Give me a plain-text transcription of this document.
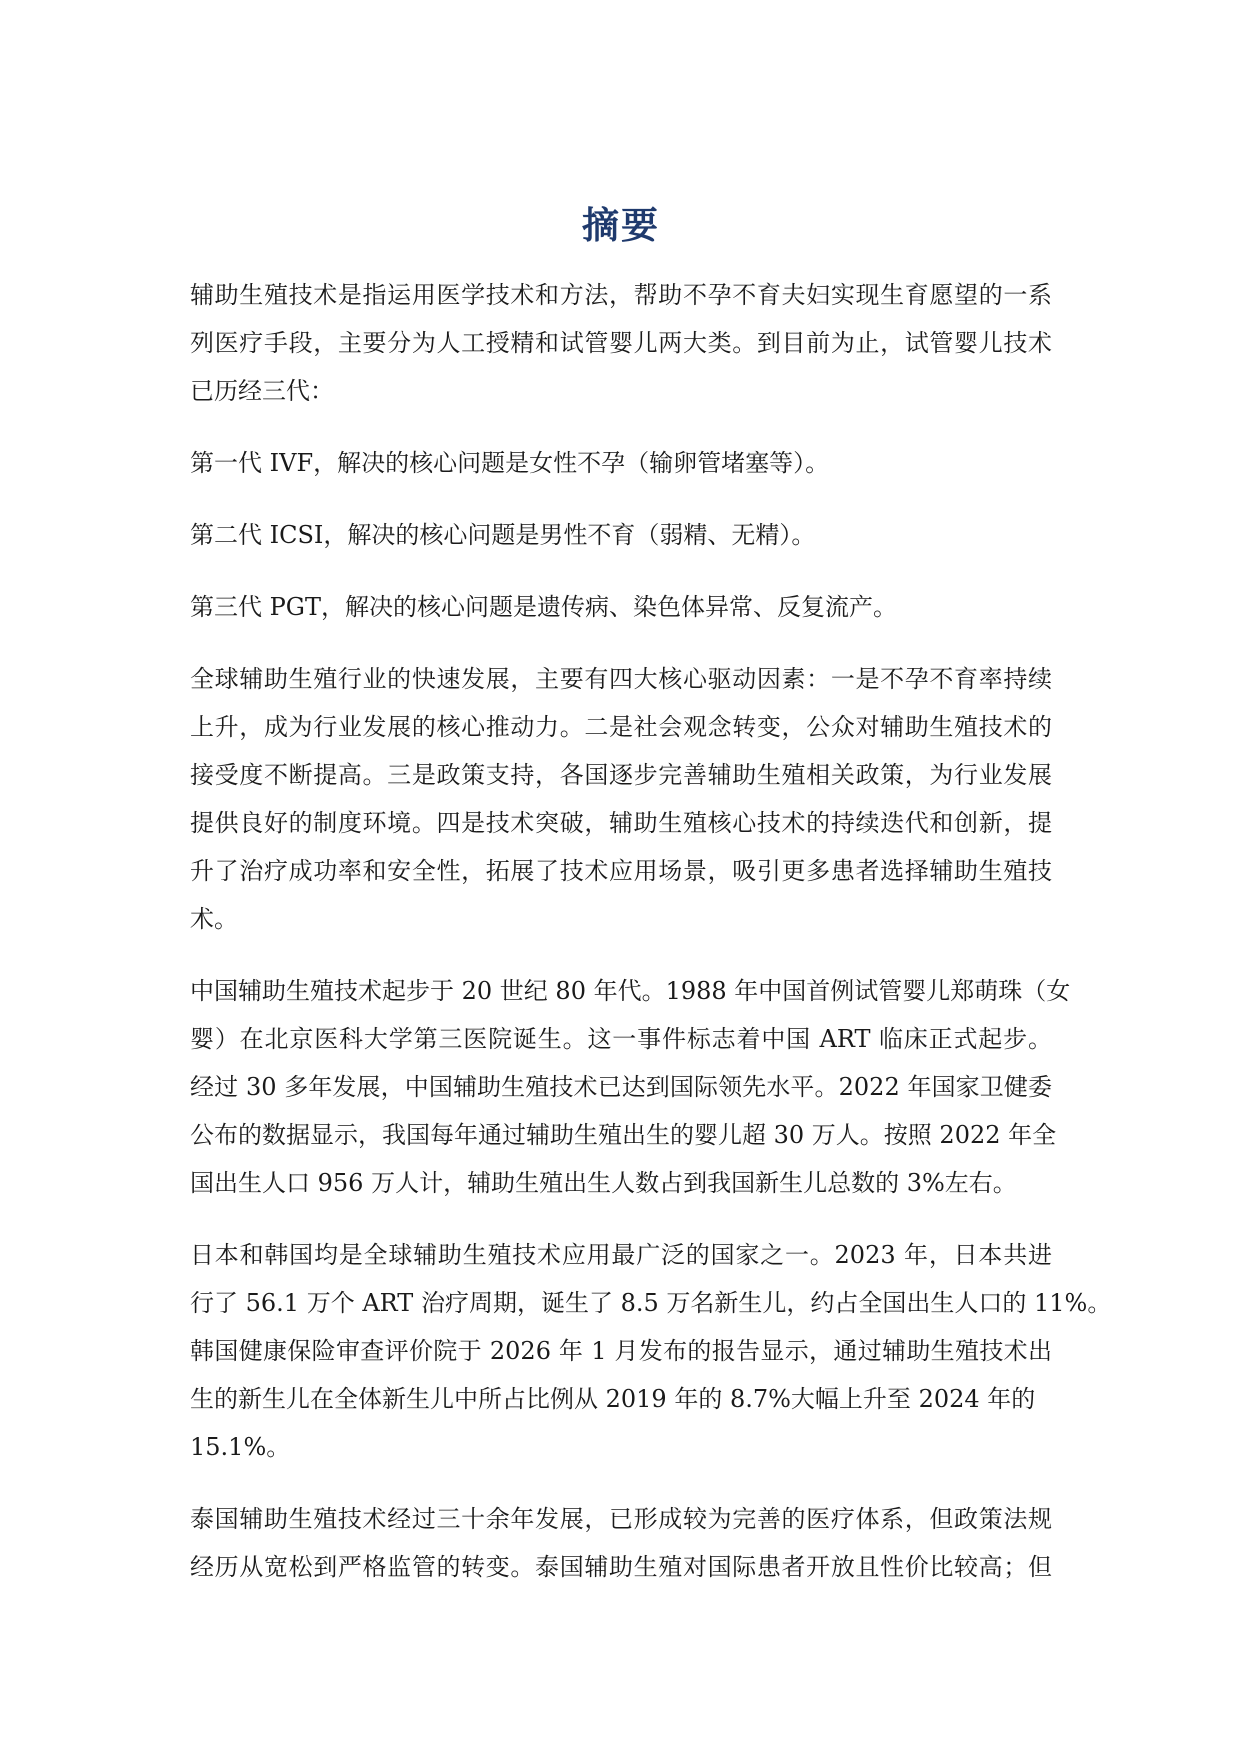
摘要
辅助生殖技术是指运用医学技术和方法，帮助不孕不育夫妇实现生育愿望的一系
列医疗手段，主要分为人工授精和试管婴儿两大类。到目前为止，试管婴儿技术
已历经三代：
第一代 IVF，解决的核心问题是女性不孕（输卵管堵塞等）。
第二代 ICSI，解决的核心问题是男性不育（弱精、无精）。
第三代 PGT，解决的核心问题是遗传病、染色体异常、反复流产。
全球辅助生殖行业的快速发展，主要有四大核心驱动因素：一是不孕不育率持续
上升，成为行业发展的核心推动力。二是社会观念转变，公众对辅助生殖技术的
接受度不断提高。三是政策支持，各国逐步完善辅助生殖相关政策，为行业发展
提供良好的制度环境。四是技术突破，辅助生殖核心技术的持续迭代和创新，提
升了治疗成功率和安全性，拓展了技术应用场景，吸引更多患者选择辅助生殖技
术。
中国辅助生殖技术起步于 20 世纪 80 年代。1988 年中国首例试管婴儿郑萌珠（女
婴）在北京医科大学第三医院诞生。这一事件标志着中国 ART 临床正式起步。
经过 30 多年发展，中国辅助生殖技术已达到国际领先水平。2022 年国家卫健委
公布的数据显示，我国每年通过辅助生殖出生的婴儿超 30 万人。按照 2022 年全
国出生人口 956 万人计，辅助生殖出生人数占到我国新生儿总数的 3%左右。
日本和韩国均是全球辅助生殖技术应用最广泛的国家之一。2023 年，日本共进
行了 56.1 万个 ART 治疗周期，诞生了 8.5 万名新生儿，约占全国出生人口的 11%。
韩国健康保险审查评价院于 2026 年 1 月发布的报告显示，通过辅助生殖技术出
生的新生儿在全体新生儿中所占比例从 2019 年的 8.7%大幅上升至 2024 年的
15.1%。
泰国辅助生殖技术经过三十余年发展，已形成较为完善的医疗体系，但政策法规
经历从宽松到严格监管的转变。泰国辅助生殖对国际患者开放且性价比较高；但
